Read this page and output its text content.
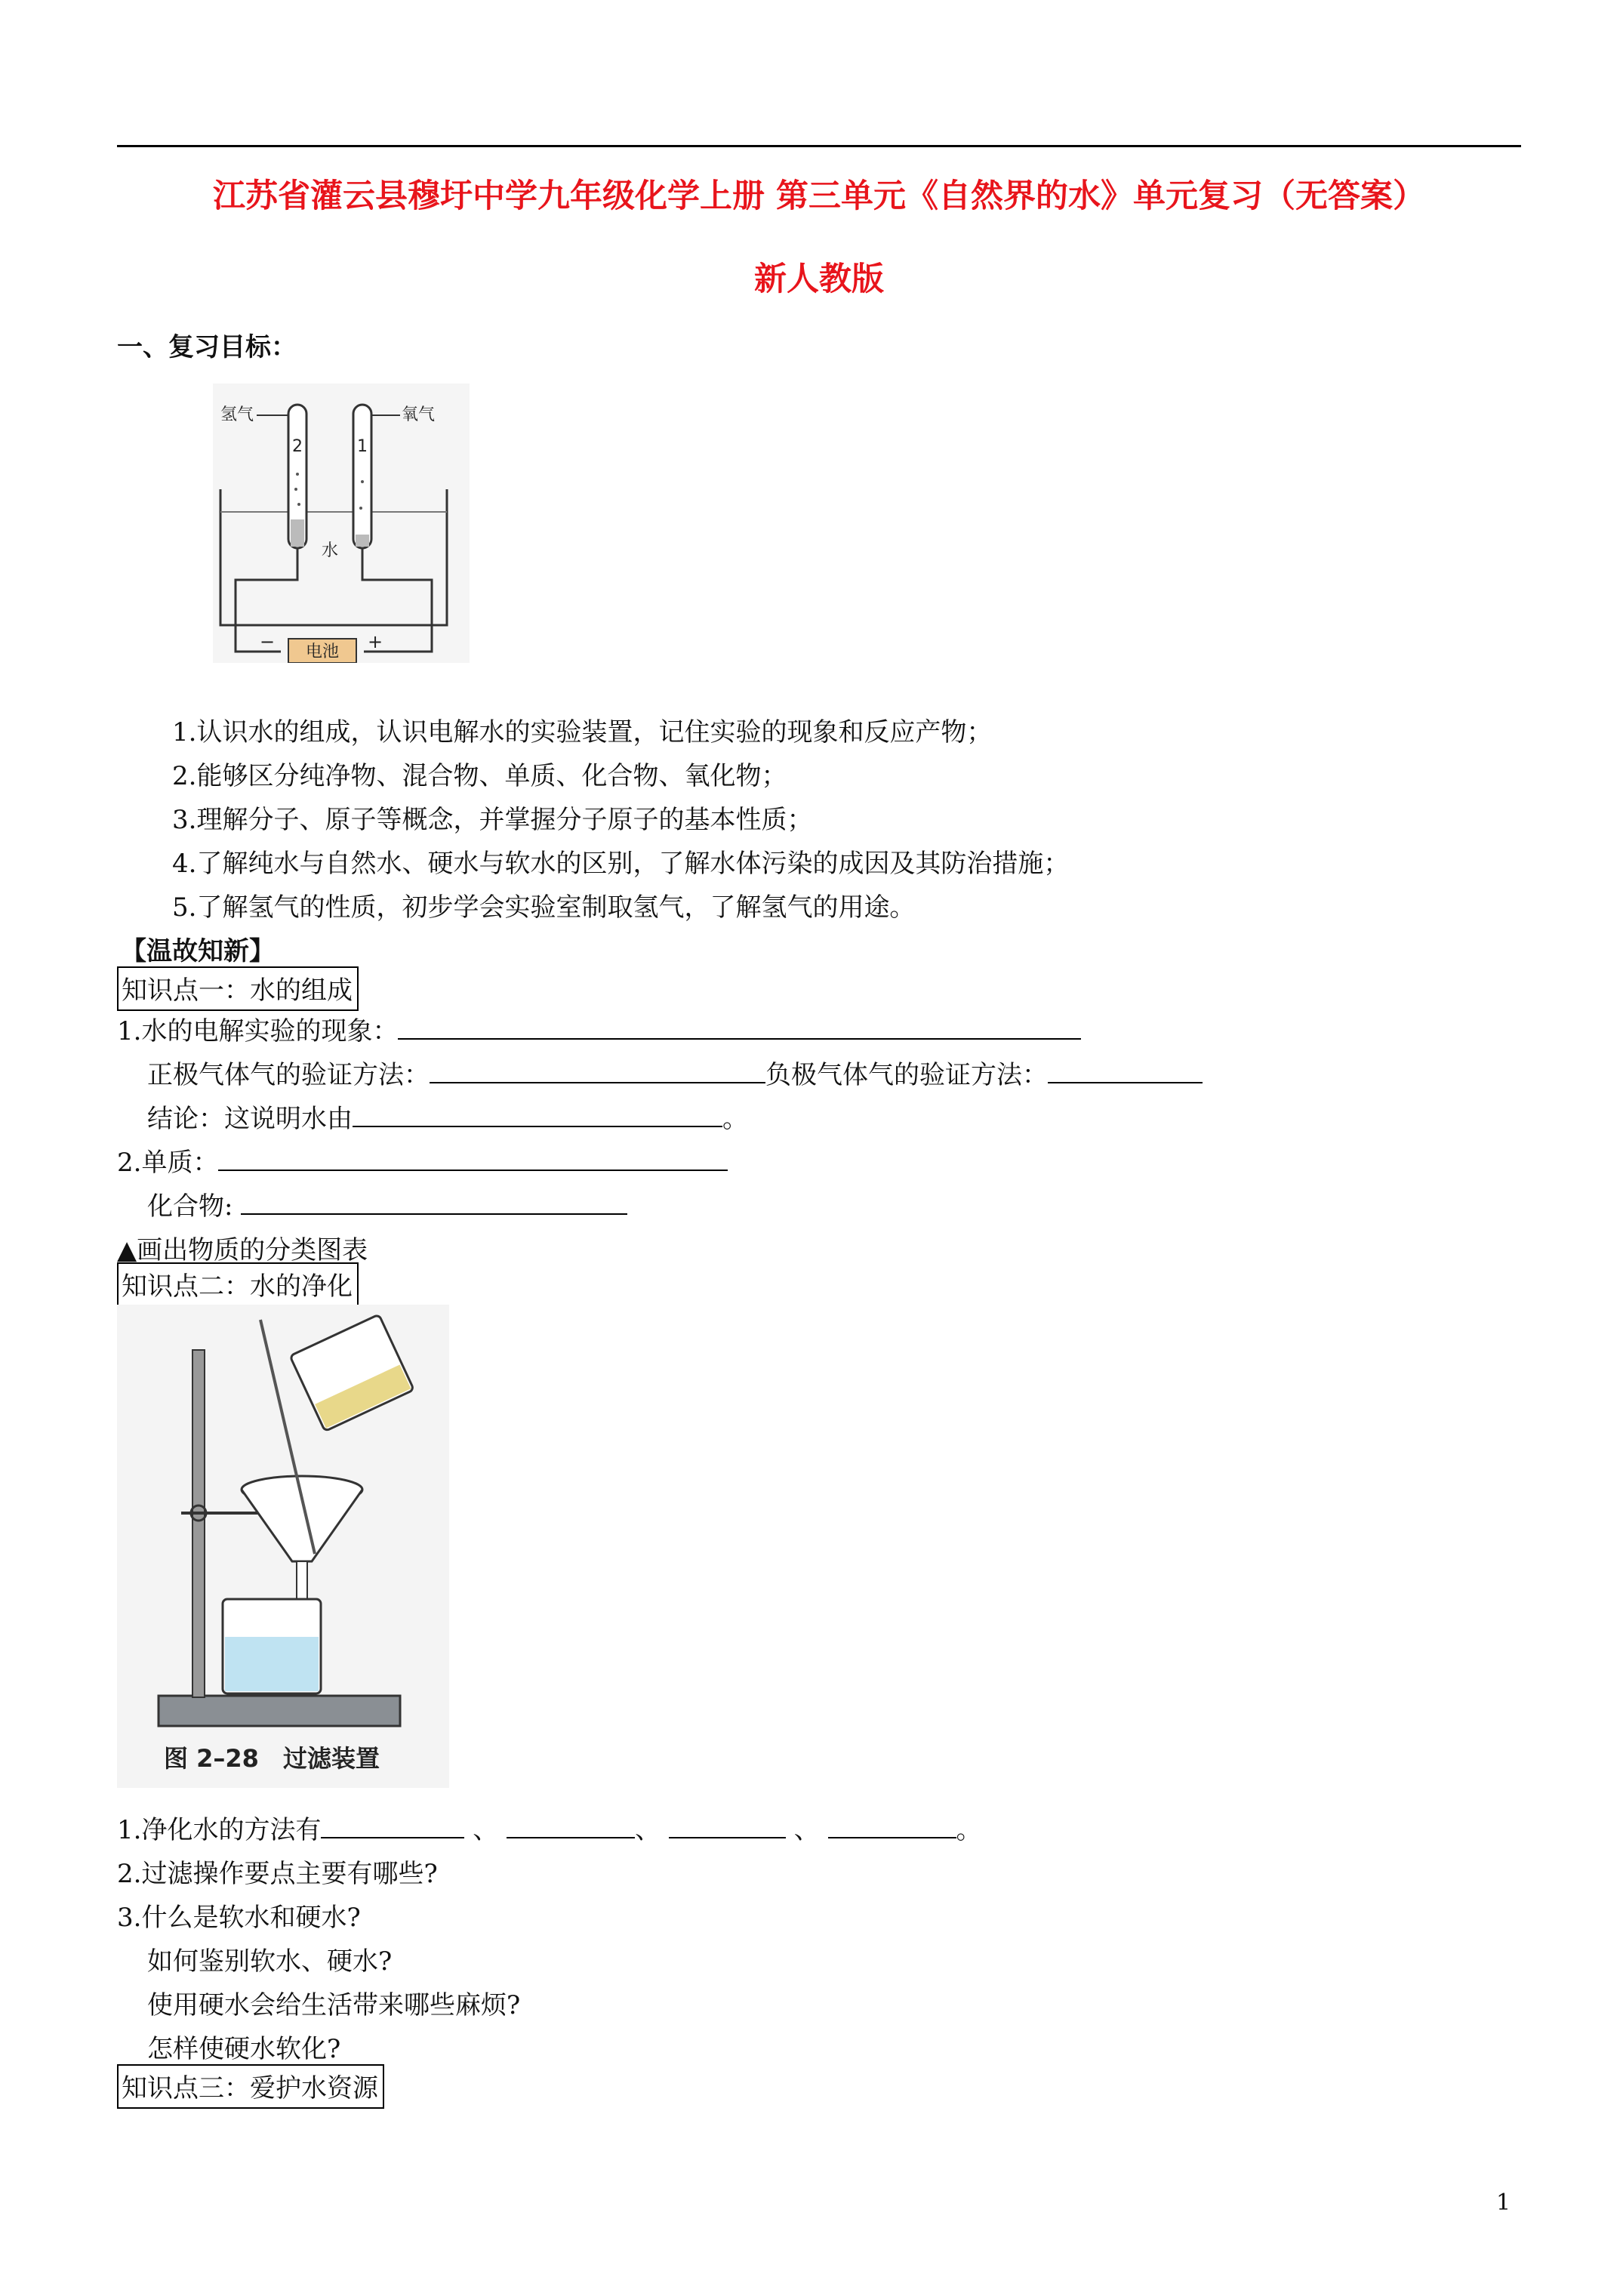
江苏省灌云县穆圩中学九年级化学上册 第三单元《自然界的水》单元复习（无答案）
新人教版
一、复习目标：
电池
−	+
氢气	氧气
2	1
水
1.认识水的组成，认识电解水的实验装置，记住实验的现象和反应产物；
2.能够区分纯净物、混合物、单质、化合物、氧化物；
3.理解分子、原子等概念，并掌握分子原子的基本性质；
4.了解纯水与自然水、硬水与软水的区别，了解水体污染的成因及其防治措施；
5.了解氢气的性质，初步学会实验室制取氢气，了解氢气的用途。
【温故知新】
知识点一：水的组成
1.水的电解实验的现象：
正极气体气的验证方法：	负极气体气的验证方法：
结论：这说明水由	。
2.单质：
化合物:
▲画出物质的分类图表
知识点二：水的净化
图 2–28　过滤装置
1.净化水的方法有	、	、	、	。
2.过滤操作要点主要有哪些?
3.什么是软水和硬水?
如何鉴别软水、硬水?
使用硬水会给生活带来哪些麻烦?
怎样使硬水软化?
知识点三：爱护水资源
1
